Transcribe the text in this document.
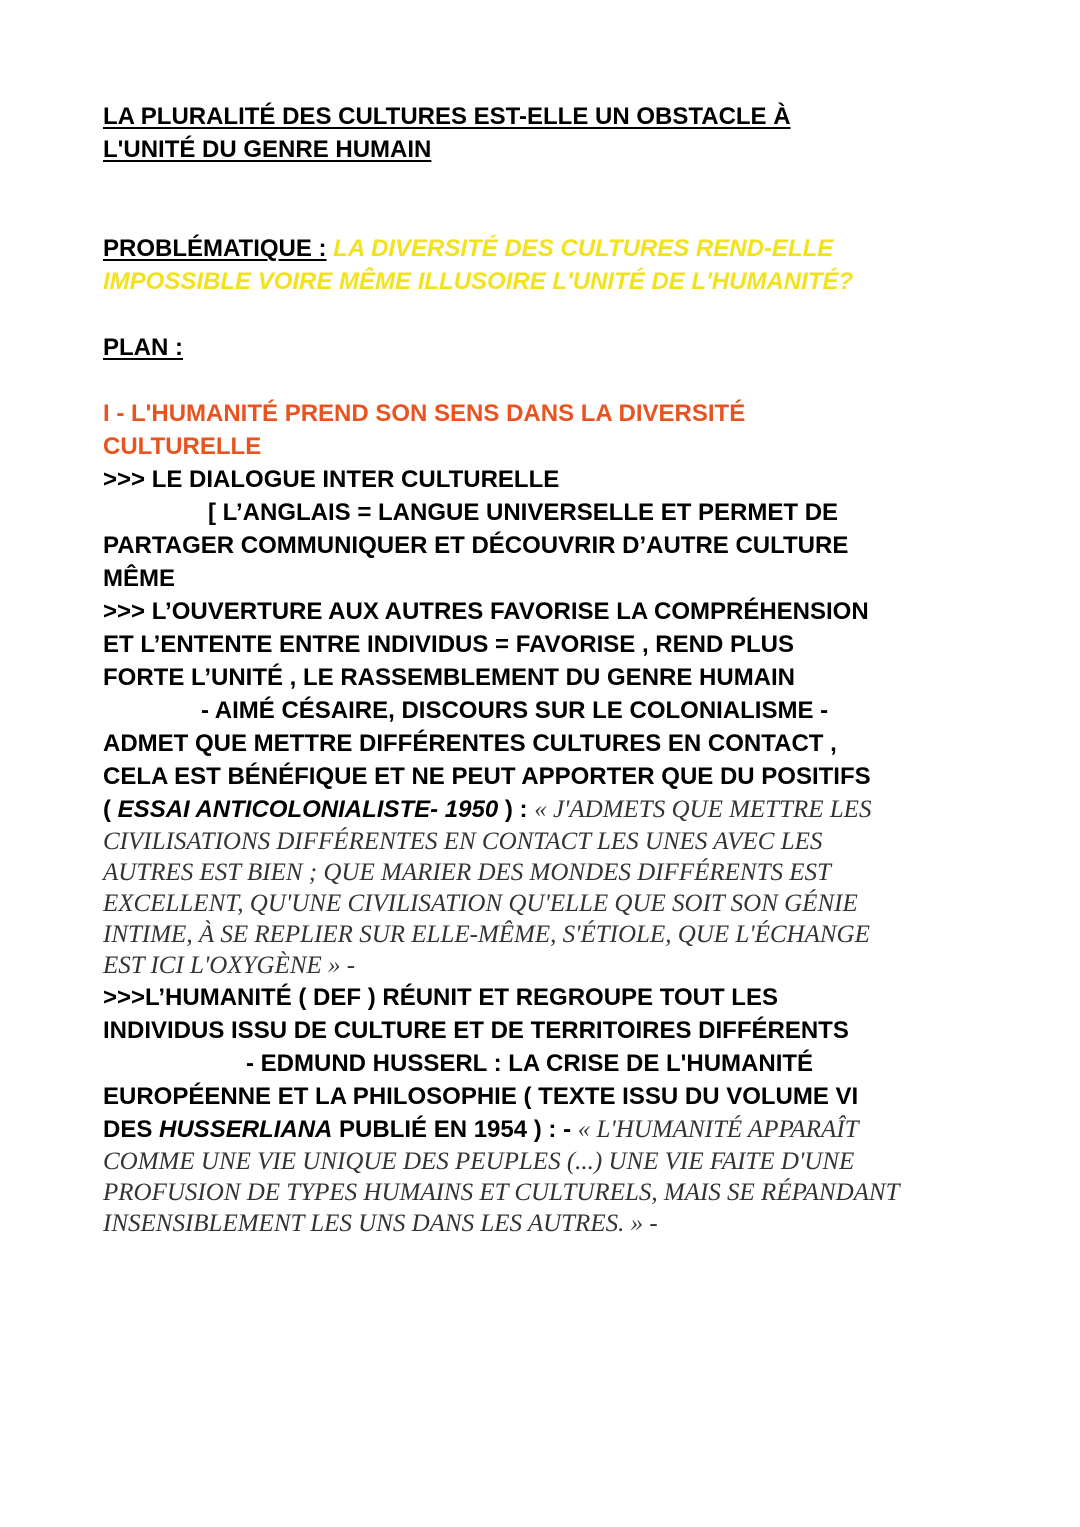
LA PLURALITÉ DES CULTURES EST-ELLE UN OBSTACLE À
L'UNITÉ DU GENRE HUMAIN

PROBLÉMATIQUE : LA DIVERSITÉ DES CULTURES REND-ELLE
IMPOSSIBLE VOIRE MÊME ILLUSOIRE L'UNITÉ DE L'HUMANITÉ?

PLAN :

I - L'HUMANITÉ PREND SON SENS DANS LA DIVERSITÉ
CULTURELLE

>>> LE DIALOGUE INTER CULTURELLE

[ L’ANGLAIS = LANGUE UNIVERSELLE ET PERMET DE

PARTAGER COMMUNIQUER ET DÉCOUVRIR D’AUTRE CULTURE

MÊME

>>> L’OUVERTURE AUX AUTRES FAVORISE LA COMPRÉHENSION

ET L’ENTENTE ENTRE INDIVIDUS = FAVORISE , REND PLUS

FORTE L’UNITÉ , LE RASSEMBLEMENT DU GENRE HUMAIN

- AIMÉ CÉSAIRE, DISCOURS SUR LE COLONIALISME -

ADMET QUE METTRE DIFFÉRENTES CULTURES EN CONTACT ,

CELA EST BÉNÉFIQUE ET NE PEUT APPORTER QUE DU POSITIFS

( ESSAI ANTICOLONIALISTE- 1950 ) : « J'ADMETS QUE METTRE LES

CIVILISATIONS DIFFÉRENTES EN CONTACT LES UNES AVEC LES

AUTRES EST BIEN ; QUE MARIER DES MONDES DIFFÉRENTS EST

EXCELLENT, QU'UNE CIVILISATION QU'ELLE QUE SOIT SON GÉNIE

INTIME, À SE REPLIER SUR ELLE-MÊME, S'ÉTIOLE, QUE L'ÉCHANGE

EST ICI L'OXYGÈNE » -

>>>L’HUMANITÉ ( DEF ) RÉUNIT ET REGROUPE TOUT LES

INDIVIDUS ISSU DE CULTURE ET DE TERRITOIRES DIFFÉRENTS

- EDMUND HUSSERL : LA CRISE DE L'HUMANITÉ

EUROPÉENNE ET LA PHILOSOPHIE ( TEXTE ISSU DU VOLUME VI

DES HUSSERLIANA PUBLIÉ EN 1954 ) : - « L'HUMANITÉ APPARAÎT

COMME UNE VIE UNIQUE DES PEUPLES (...) UNE VIE FAITE D'UNE

PROFUSION DE TYPES HUMAINS ET CULTURELS, MAIS SE RÉPANDANT

INSENSIBLEMENT LES UNS DANS LES AUTRES. » -
